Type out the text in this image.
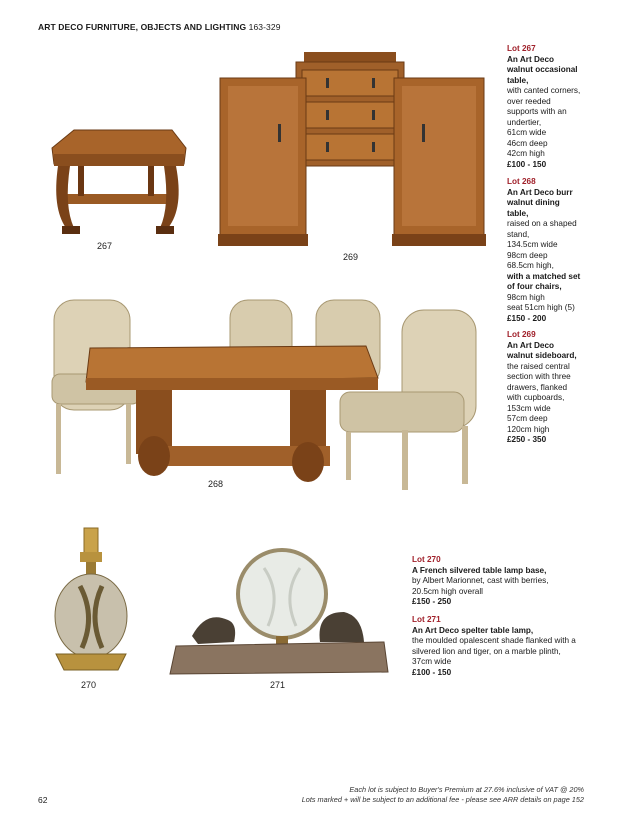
ART DECO FURNITURE, OBJECTS AND LIGHTING 163-329
267
269
268
270	271
Lot 267
An Art Deco
walnut occasional
table,
with canted corners,
over reeded
supports with an
undertier,
61cm wide
46cm deep
42cm high
£100 - 150
Lot 268
An Art Deco burr
walnut dining
table,
raised on a shaped
stand,
134.5cm wide
98cm deep
68.5cm high,
with a matched set
of four chairs,
98cm high
seat 51cm high (5)
£150 - 200
Lot 269
An Art Deco
walnut sideboard,
the raised central
section with three
drawers, flanked
with cupboards,
153cm wide
57cm deep
120cm high
£250 - 350
Lot 270
A French silvered table lamp base,
by Albert Marionnet, cast with berries,
20.5cm high overall
£150 - 250
Lot 271
An Art Deco spelter table lamp,
the moulded opalescent shade flanked with a
silvered lion and tiger, on a marble plinth,
37cm wide
£100 - 150
62
Each lot is subject to Buyer's Premium at 27.6% inclusive of VAT @ 20%
Lots marked + will be subject to an additional fee - please see ARR details on page 152
